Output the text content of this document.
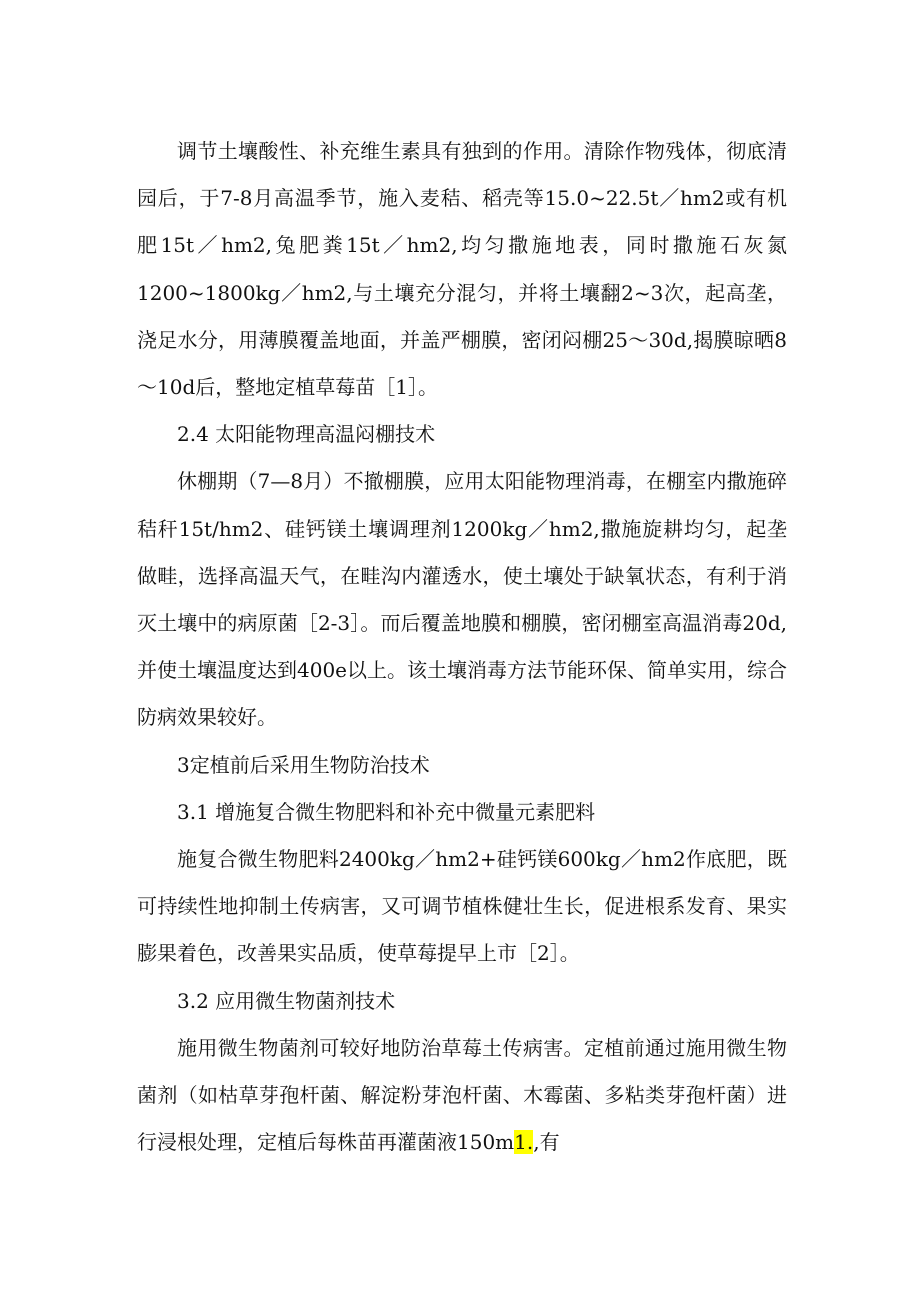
调节土壤酸性、补充维生素具有独到的作用。清除作物残体，彻底清园后，于7-8月高温季节，施入麦秸、稻壳等15.0~22.5t／hm2或有机肥15t／hm2,兔肥粪15t／hm2,均匀撒施地表，同时撒施石灰氮1200~1800kg／hm2,与土壤充分混匀，并将土壤翻2~3次，起高垄，浇足水分，用薄膜覆盖地面，并盖严棚膜，密闭闷棚25～30d,揭膜晾晒8～10d后，整地定植草莓苗［1］。

2.4 太阳能物理高温闷棚技术

休棚期（7—8月）不撤棚膜，应用太阳能物理消毒，在棚室内撒施碎秸秆15t/hm2、硅钙镁土壤调理剂1200kg／hm2,撒施旋耕均匀，起垄做畦，选择高温天气，在畦沟内灌透水，使土壤处于缺氧状态，有利于消灭土壤中的病原菌［2-3］。而后覆盖地膜和棚膜，密闭棚室高温消毒20d,并使土壤温度达到400e以上。该土壤消毒方法节能环保、简单实用，综合防病效果较好。

3定植前后采用生物防治技术

3.1 增施复合微生物肥料和补充中微量元素肥料

施复合微生物肥料2400kg／hm2+硅钙镁600kg／hm2作底肥，既可持续性地抑制土传病害，又可调节植株健壮生长，促进根系发育、果实膨果着色，改善果实品质，使草莓提早上市［2］。

3.2 应用微生物菌剂技术

施用微生物菌剂可较好地防治草莓土传病害。定植前通过施用微生物菌剂（如枯草芽孢杆菌、解淀粉芽泡杆菌、木霉菌、多粘类芽孢杆菌）进行浸根处理，定植后每株苗再灌菌液150m1.,有
